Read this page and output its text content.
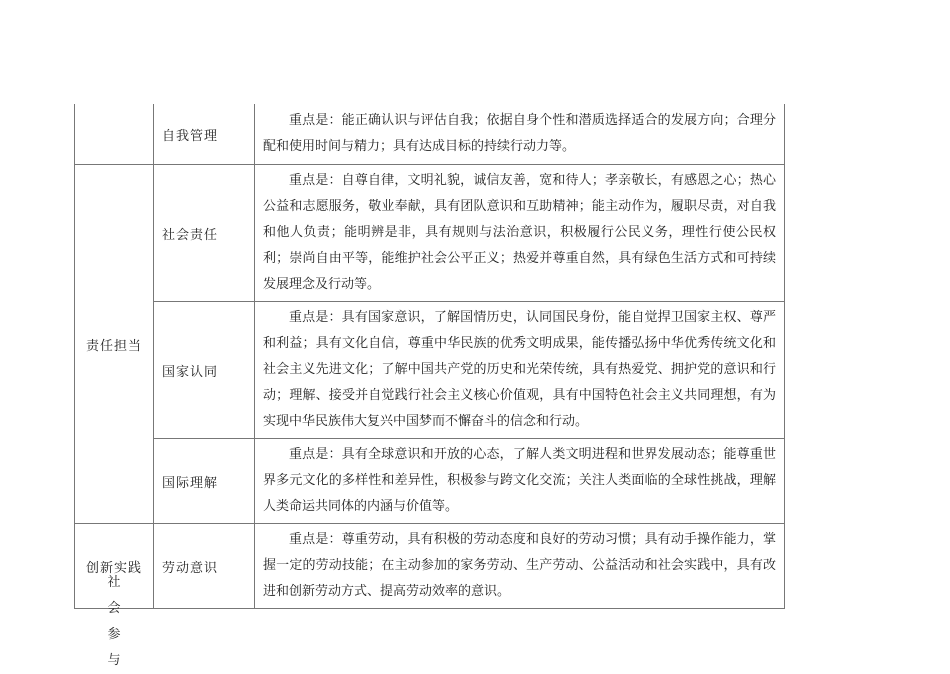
	自我管理	重点是：能正确认识与评估自我；依据自身个性和潜质选择适合的发展方向；合理分配和使用时间与精力；具有达成目标的持续行动力等。

责任担当	社会责任	重点是：自尊自律，文明礼貌，诚信友善，宽和待人；孝亲敬长，有感恩之心；热心公益和志愿服务，敬业奉献，具有团队意识和互助精神；能主动作为，履职尽责，对自我和他人负责；能明辨是非，具有规则与法治意识，积极履行公民义务，理性行使公民权利；崇尚自由平等，能维护社会公平正义；热爱并尊重自然，具有绿色生活方式和可持续发展理念及行动等。

	国家认同	重点是：具有国家意识，了解国情历史，认同国民身份，能自觉捍卫国家主权、尊严和利益；具有文化自信，尊重中华民族的优秀文明成果，能传播弘扬中华优秀传统文化和社会主义先进文化；了解中国共产党的历史和光荣传统，具有热爱党、拥护党的意识和行动；理解、接受并自觉践行社会主义核心价值观，具有中国特色社会主义共同理想，有为实现中华民族伟大复兴中国梦而不懈奋斗的信念和行动。

	国际理解	重点是：具有全球意识和开放的心态，了解人类文明进程和世界发展动态；能尊重世界多元文化的多样性和差异性，积极参与跨文化交流；关注人类面临的全球性挑战，理解人类命运共同体的内涵与价值等。

创新实践	劳动意识	重点是：尊重劳动，具有积极的劳动态度和良好的劳动习惯；具有动手操作能力，掌握一定的劳动技能；在主动参加的家务劳动、生产劳动、公益活动和社会实践中，具有改进和创新劳动方式、提高劳动效率的意识。

社
会
参
与
